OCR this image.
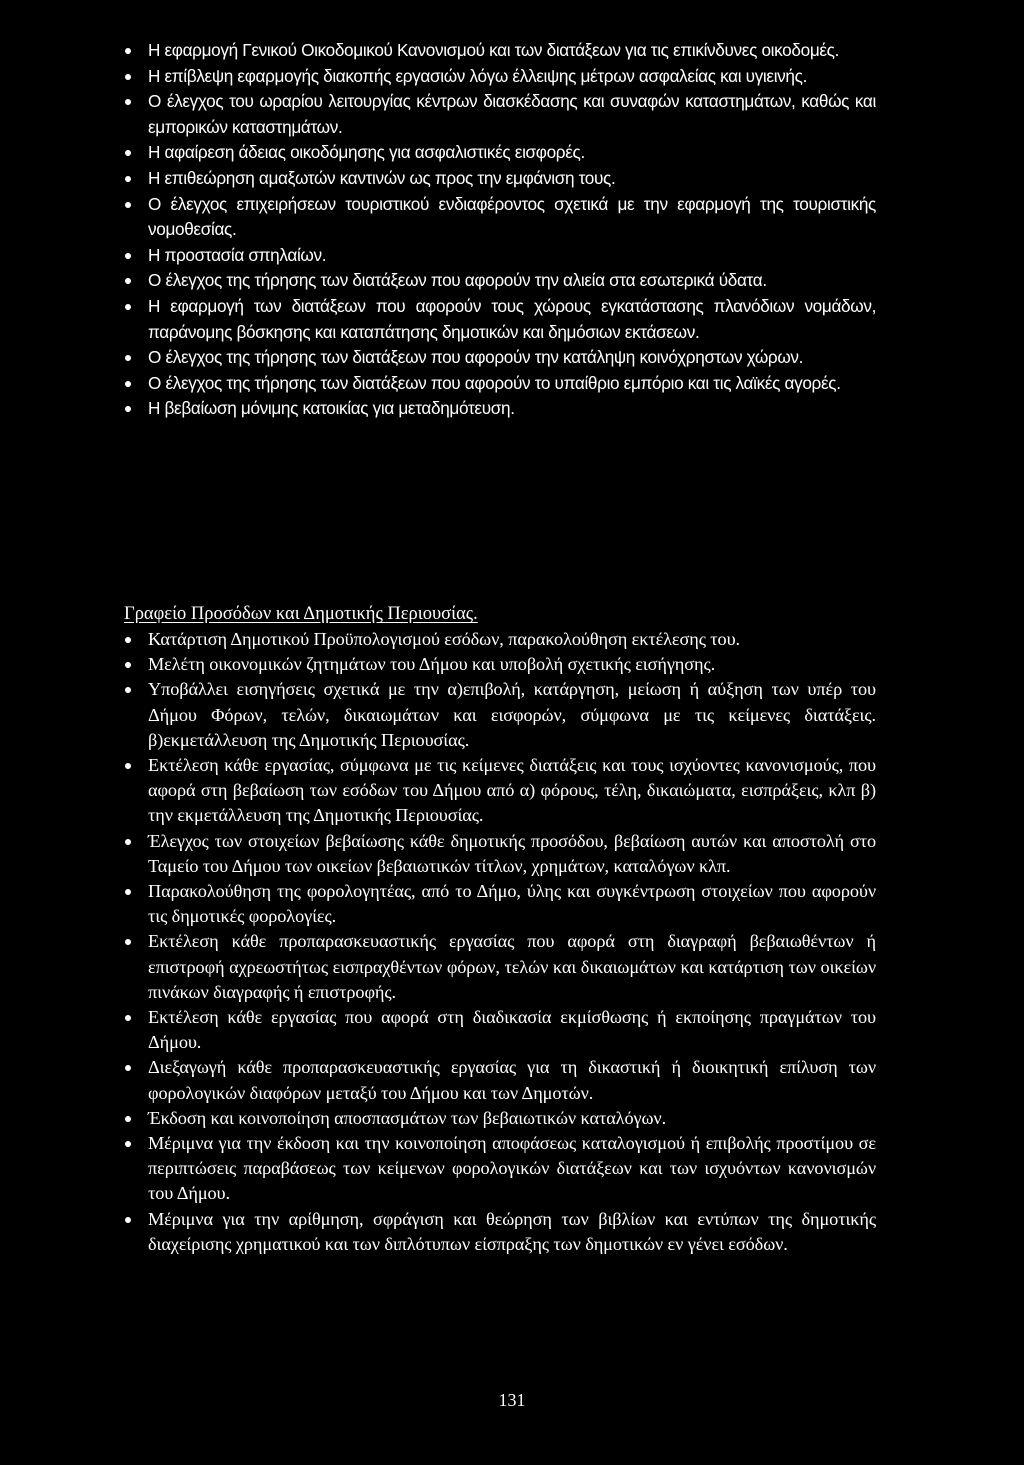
Η εφαρμογή Γενικού Οικοδομικού Κανονισμού και των διατάξεων για τις επικίνδυνες οικοδομές.
Η επίβλεψη εφαρμογής διακοπής εργασιών λόγω έλλειψης μέτρων ασφαλείας και υγιεινής.
Ο έλεγχος του ωραρίου λειτουργίας κέντρων διασκέδασης και συναφών καταστημάτων, καθώς και εμπορικών καταστημάτων.
Η αφαίρεση άδειας οικοδόμησης για ασφαλιστικές εισφορές.
Η επιθεώρηση αμαξωτών καντινών ως προς την εμφάνιση τους.
Ο έλεγχος επιχειρήσεων τουριστικού ενδιαφέροντος σχετικά με την εφαρμογή της τουριστικής νομοθεσίας.
Η προστασία σπηλαίων.
Ο έλεγχος της τήρησης των διατάξεων που αφορούν την αλιεία στα εσωτερικά ύδατα.
Η εφαρμογή των διατάξεων που αφορούν τους χώρους εγκατάστασης πλανόδιων νομάδων, παράνομης βόσκησης και καταπάτησης δημοτικών και δημόσιων εκτάσεων.
Ο έλεγχος της τήρησης των διατάξεων που αφορούν την κατάληψη κοινόχρηστων χώρων.
Ο έλεγχος της τήρησης των διατάξεων που αφορούν το υπαίθριο εμπόριο και τις λαϊκές αγορές.
Η βεβαίωση μόνιμης κατοικίας για μεταδημότευση.
Γραφείο Προσόδων και Δημοτικής Περιουσίας.
Κατάρτιση Δημοτικού Προϋπολογισμού εσόδων, παρακολούθηση εκτέλεσης του.
Μελέτη οικονομικών ζητημάτων του Δήμου και υποβολή σχετικής εισήγησης.
Υποβάλλει εισηγήσεις σχετικά με την α)επιβολή, κατάργηση, μείωση ή αύξηση των υπέρ του Δήμου Φόρων, τελών, δικαιωμάτων και εισφορών, σύμφωνα με τις κείμενες διατάξεις. β)εκμετάλλευση της Δημοτικής Περιουσίας.
Εκτέλεση κάθε εργασίας, σύμφωνα με τις κείμενες διατάξεις και τους ισχύοντες κανονισμούς, που αφορά στη βεβαίωση των εσόδων του Δήμου από α) φόρους, τέλη, δικαιώματα, εισπράξεις, κλπ β) την εκμετάλλευση της Δημοτικής Περιουσίας.
Έλεγχος των στοιχείων βεβαίωσης κάθε δημοτικής προσόδου, βεβαίωση αυτών και αποστολή στο Ταμείο του Δήμου των οικείων βεβαιωτικών τίτλων, χρημάτων, καταλόγων κλπ.
Παρακολούθηση της φορολογητέας, από το Δήμο, ύλης και συγκέντρωση στοιχείων που αφορούν τις δημοτικές φορολογίες.
Εκτέλεση κάθε προπαρασκευαστικής εργασίας που αφορά στη διαγραφή βεβαιωθέντων ή επιστροφή αχρεωστήτως εισπραχθέντων φόρων, τελών και δικαιωμάτων και κατάρτιση των οικείων πινάκων διαγραφής ή επιστροφής.
Εκτέλεση κάθε εργασίας που αφορά στη διαδικασία εκμίσθωσης ή εκποίησης πραγμάτων του Δήμου.
Διεξαγωγή κάθε προπαρασκευαστικής εργασίας για τη δικαστική ή διοικητική επίλυση των φορολογικών διαφόρων μεταξύ του Δήμου και των Δημοτών.
Έκδοση και κοινοποίηση αποσπασμάτων των βεβαιωτικών καταλόγων.
Μέριμνα για την έκδοση και την κοινοποίηση αποφάσεως καταλογισμού ή επιβολής προστίμου σε περιπτώσεις παραβάσεως των κείμενων φορολογικών διατάξεων και των ισχυόντων κανονισμών του Δήμου.
Μέριμνα για την αρίθμηση, σφράγιση και θεώρηση των βιβλίων και εντύπων της δημοτικής διαχείρισης χρηματικού και των διπλότυπων είσπραξης των δημοτικών εν γένει εσόδων.
131
